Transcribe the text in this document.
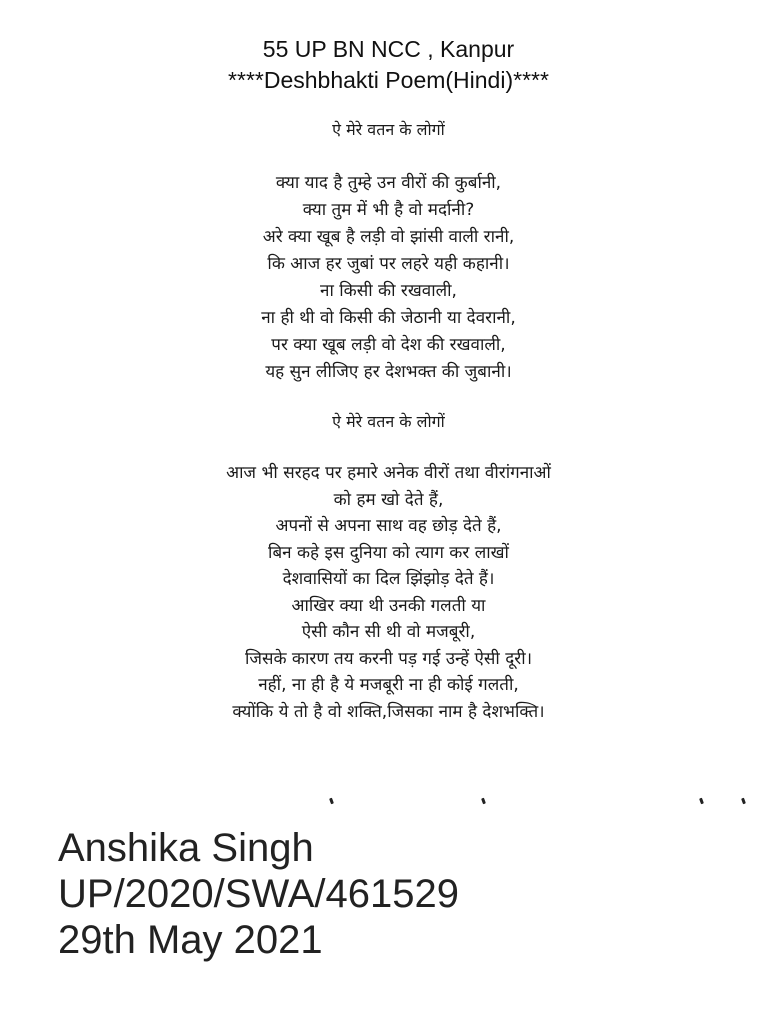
55 UP BN NCC , Kanpur
****Deshbhakti Poem(Hindi)****
ऐ मेरे वतन के लोगों
क्या याद है तुम्हे उन वीरों की कुर्बानी,
क्या तुम में भी है वो मर्दानी?
अरे क्या खूब है लड़ी वो झांसी वाली रानी,
कि आज हर जुबां पर लहरे यही कहानी।
ना किसी की रखवाली,
ना ही थी वो किसी की जेठानी या देवरानी,
पर क्या खूब लड़ी वो देश की रखवाली,
यह सुन लीजिए हर देशभक्त की जुबानी।
ऐ मेरे वतन के लोगों
आज भी सरहद पर हमारे अनेक वीरों तथा वीरांगनाओं
को हम खो देते हैं,
अपनों से अपना साथ वह छोड़ देते हैं,
बिन कहे इस दुनिया को त्याग कर लाखों
देशवासियों का दिल झिंझोड़ देते हैं।
आखिर क्या थी उनकी गलती या
ऐसी कौन सी थी वो मजबूरी,
जिसके कारण तय करनी पड़ गई उन्हें ऐसी दूरी।
नहीं, ना ही है ये मजबूरी ना ही कोई गलती,
क्योंकि ये तो है वो शक्ति,जिसका नाम है देशभक्ति।
Anshika Singh
UP/2020/SWA/461529
29th May 2021
